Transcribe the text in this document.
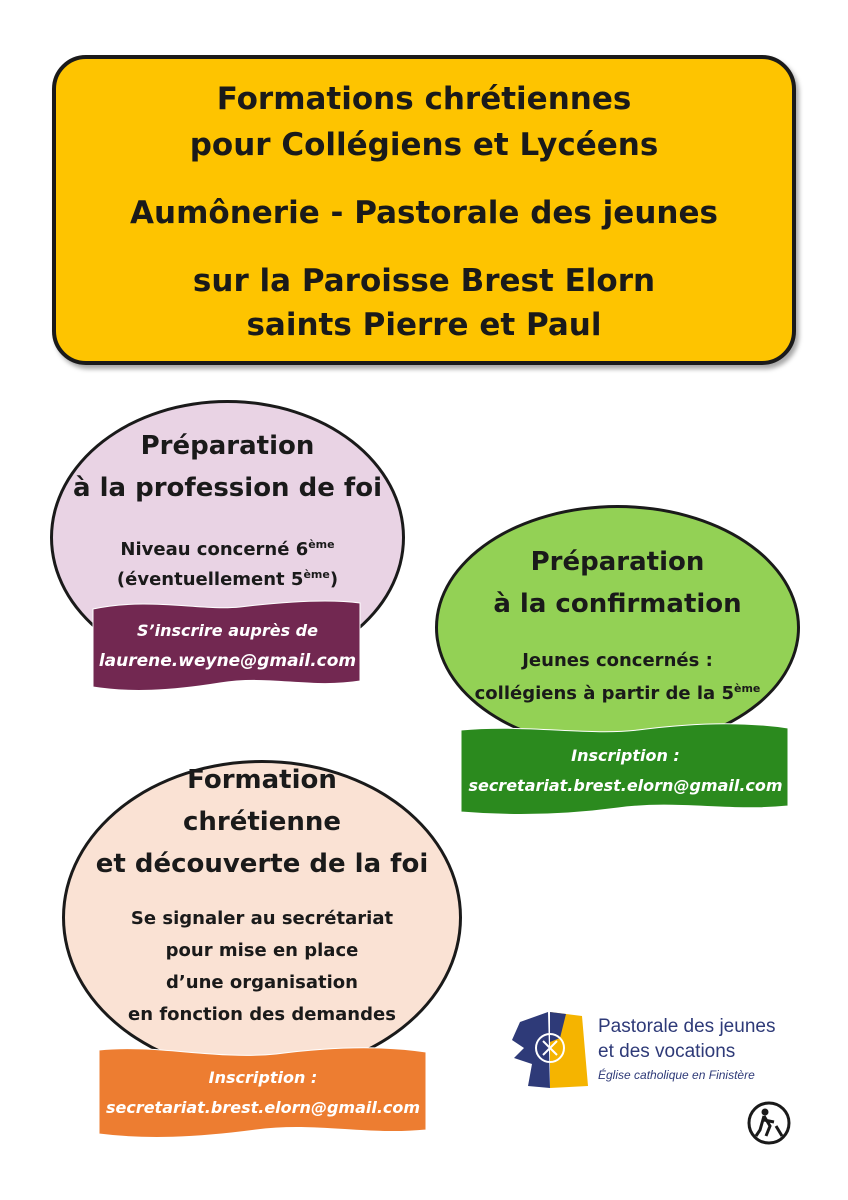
Formations chrétiennes
pour Collégiens et Lycéens
Aumônerie - Pastorale des jeunes
sur la Paroisse Brest Elorn
saints Pierre et Paul
Préparation
à la profession de foi
Niveau concerné 6ème
(éventuellement 5ème)
S’inscrire auprès de
laurene.weyne@gmail.com
Préparation
à la confirmation
Jeunes concernés :
collégiens à partir de la 5ème
Inscription :
secretariat.brest.elorn@gmail.com
Formation
chrétienne
et découverte de la foi
Se signaler au secrétariat
pour mise en place
d’une organisation
en fonction des demandes
Inscription :
secretariat.brest.elorn@gmail.com
Pastorale des jeunes
et des vocations
Église catholique en Finistère
